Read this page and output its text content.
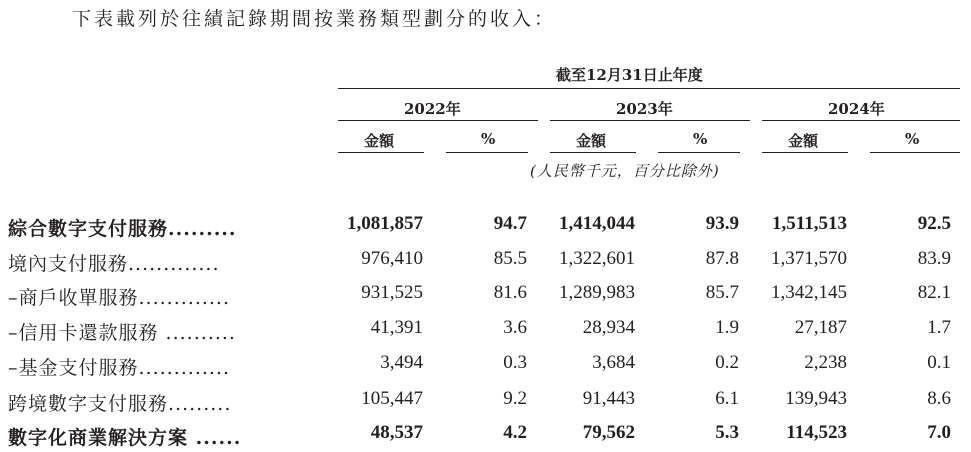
下表載列於往績記錄期間按業務類型劃分的收入：
截至12月31日止年度
2022年	2023年	2024年
金額	%	金額	%	金額	%
(人民幣千元，百分比除外)
綜合數字支付服務.........	1,081,857	94.7 1,414,044	93.9 1,511,513	92.5
境內支付服務.............	976,410	85.5 1,322,601	87.8 1,371,570	83.9
–商戶收單服務.............	931,525	81.6 1,289,983	85.7 1,342,145	82.1
–信用卡還款服務 ..........	41,391	3.6	28,934	1.9	27,187	1.7
–基金支付服務.............	3,494	0.3	3,684	0.2	2,238	0.1
跨境數字支付服務.........	105,447	9.2	91,443	6.1 139,943	8.6
數字化商業解決方案 ......	48,537	4.2	79,562	5.3 114,523	7.0
